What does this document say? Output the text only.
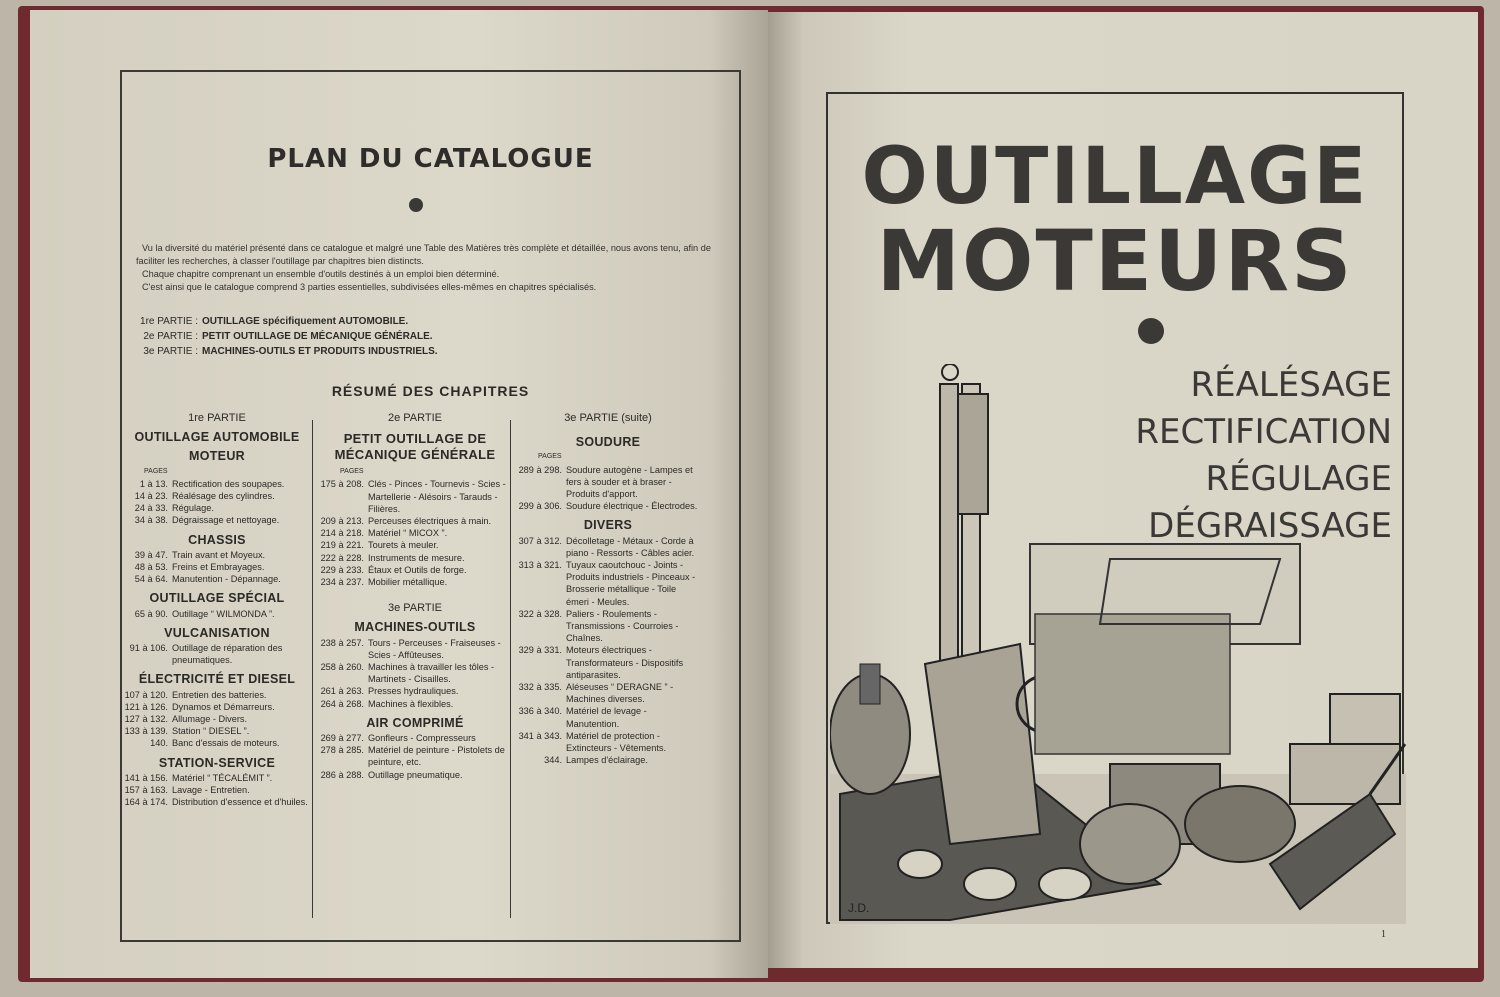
PLAN DU CATALOGUE

Vu la diversité du matériel présenté dans ce catalogue et malgré une Table des Matières très complète et détaillée, nous avons tenu, afin de faciliter les recherches, à classer l'outillage par chapitres bien distincts.

Chaque chapitre comprenant un ensemble d'outils destinés à un emploi bien déterminé.

C'est ainsi que le catalogue comprend 3 parties essentielles, subdivisées elles-mêmes en chapitres spécialisés.

1re PARTIE : OUTILLAGE spécifiquement AUTOMOBILE.
2e PARTIE : PETIT OUTILLAGE DE MÉCANIQUE GÉNÉRALE.
3e PARTIE : MACHINES-OUTILS ET PRODUITS INDUSTRIELS.
RÉSUMÉ DES CHAPITRES
1re PARTIE
OUTILLAGE AUTOMOBILE
MOTEUR
PAGES
1 à 13. Rectification des soupapes.
14 à 23. Réalésage des cylindres.
24 à 33. Régulage.
34 à 38. Dégraissage et nettoyage.
CHASSIS
39 à 47. Train avant et Moyeux.
48 à 53. Freins et Embrayages.
54 à 64. Manutention - Dépannage.
OUTILLAGE SPÉCIAL
65 à 90. Outillage “ WILMONDA ”.
VULCANISATION
91 à 106. Outillage de réparation des pneumatiques.
ÉLECTRICITÉ ET DIESEL
107 à 120. Entretien des batteries.
121 à 126. Dynamos et Démarreurs.
127 à 132. Allumage - Divers.
133 à 139. Station “ DIESEL ”.
140. Banc d'essais de moteurs.
STATION-SERVICE
141 à 156. Matériel “ TÉCALÉMIT ”.
157 à 163. Lavage - Entretien.
164 à 174. Distribution d'essence et d'huiles.
2e PARTIE
PETIT OUTILLAGE DE MÉCANIQUE GÉNÉRALE
PAGES
175 à 208. Clés - Pinces - Tournevis - Scies - Martellerie - Alésoirs - Tarauds - Filières.
209 à 213. Perceuses électriques à main.
214 à 218. Matériel “ MICOX ”.
219 à 221. Tourets à meuler.
222 à 228. Instruments de mesure.
229 à 233. Étaux et Outils de forge.
234 à 237. Mobilier métallique.
3e PARTIE
MACHINES-OUTILS
238 à 257. Tours - Perceuses - Fraiseuses - Scies - Affûteuses.
258 à 260. Machines à travailler les tôles - Martinets - Cisailles.
261 à 263. Presses hydrauliques.
264 à 268. Machines à flexibles.
AIR COMPRIMÉ
269 à 277. Gonfleurs - Compresseurs
278 à 285. Matériel de peinture - Pistolets de peinture, etc.
286 à 288. Outillage pneumatique.
3e PARTIE (suite)
SOUDURE
PAGES
289 à 298. Soudure autogène - Lampes et fers à souder et à braser - Produits d'apport.
299 à 306. Soudure électrique - Électrodes.
DIVERS
307 à 312. Décolletage - Métaux - Corde à piano - Ressorts - Câbles acier.
313 à 321. Tuyaux caoutchouc - Joints - Produits industriels - Pinceaux - Brosserie métallique - Toile émeri - Meules.
322 à 328. Paliers - Roulements - Transmissions - Courroies - Chaînes.
329 à 331. Moteurs électriques - Transformateurs - Dispositifs antiparasites.
332 à 335. Aléseuses “ DERAGNE ” - Machines diverses.
336 à 340. Matériel de levage - Manutention.
341 à 343. Matériel de protection - Extincteurs - Vêtements.
344. Lampes d'éclairage.
OUTILLAGE
MOTEURS
J.D.
RÉALÉSAGE
RECTIFICATION
RÉGULAGE
DÉGRAISSAGE
1
